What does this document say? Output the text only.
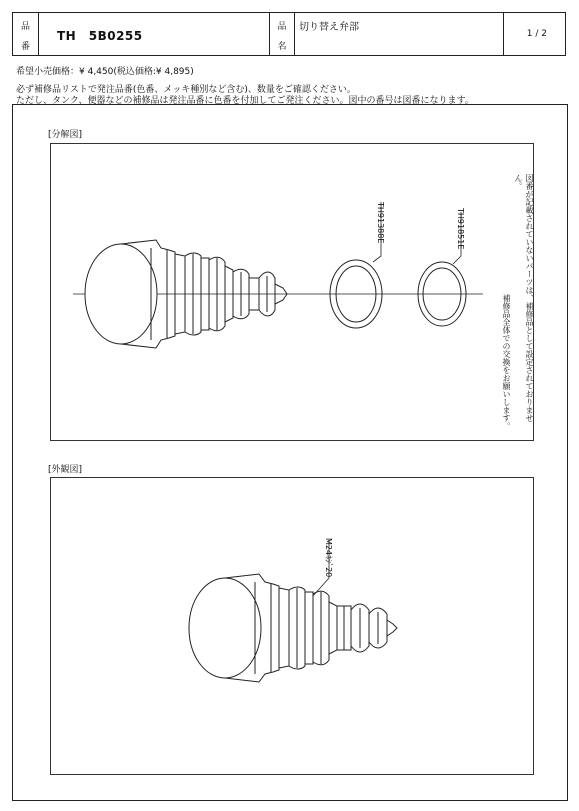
品
番
TH　5B0255
品
名
切り替え弁部
1 / 2
希望小売価格：¥ 4,450(税込価格:¥ 4,895)
必ず補修品リストで発注品番(色番、メッキ種別など含む)、数量をご確認ください。
ただし、タンク、便器などの補修品は発注品番に色番を付加してご発注ください。図中の番号は図番になります。
[分解図]
TH91388E	TH91851E	図番が記載されていないパーツは、補修品として設定されておりません。
補修品全体での交換をお願いします。
[外観図]
M24ﾈｼﾞ20
